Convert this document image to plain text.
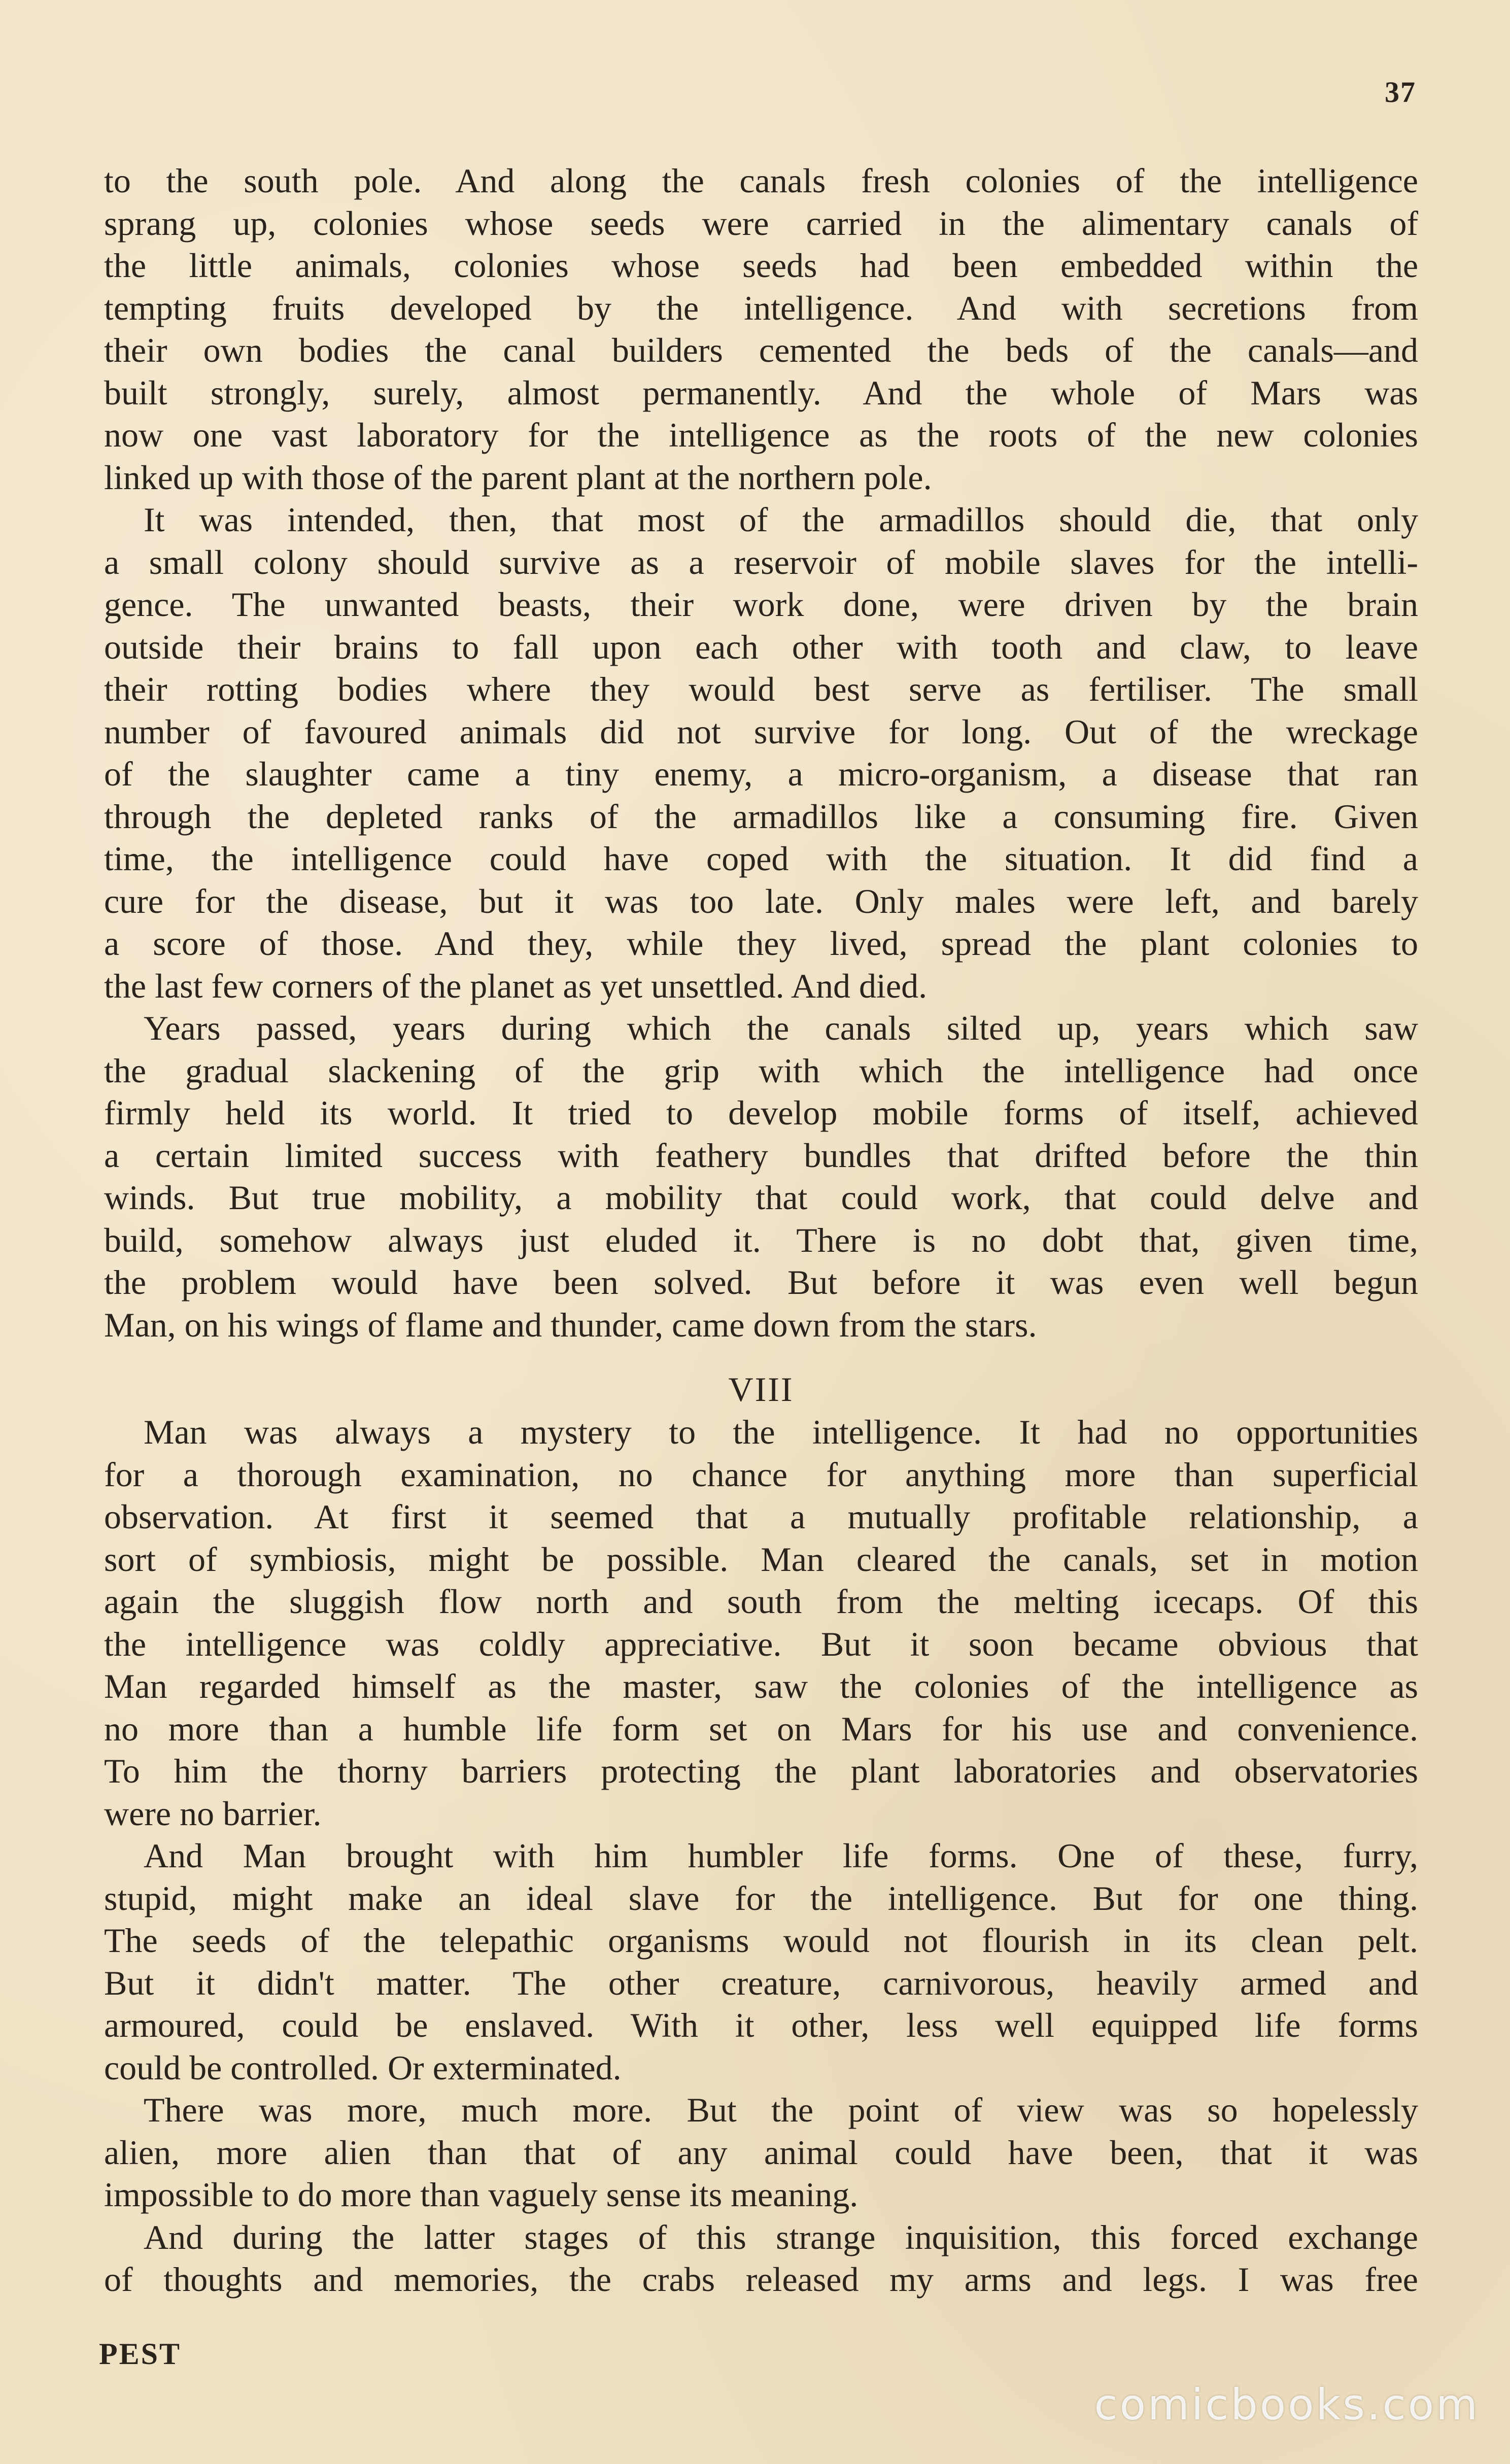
37
to the south pole. And along the canals fresh colonies of the intelligence
sprang up, colonies whose seeds were carried in the alimentary canals of
the little animals, colonies whose seeds had been embedded within the
tempting fruits developed by the intelligence. And with secretions from
their own bodies the canal builders cemented the beds of the canals—and
built strongly, surely, almost permanently. And the whole of Mars was
now one vast laboratory for the intelligence as the roots of the new colonies
linked up with those of the parent plant at the northern pole.
It was intended, then, that most of the armadillos should die, that only
a small colony should survive as a reservoir of mobile slaves for the intelli-
gence. The unwanted beasts, their work done, were driven by the brain
outside their brains to fall upon each other with tooth and claw, to leave
their rotting bodies where they would best serve as fertiliser. The small
number of favoured animals did not survive for long. Out of the wreckage
of the slaughter came a tiny enemy, a micro-organism, a disease that ran
through the depleted ranks of the armadillos like a consuming fire. Given
time, the intelligence could have coped with the situation. It did find a
cure for the disease, but it was too late. Only males were left, and barely
a score of those. And they, while they lived, spread the plant colonies to
the last few corners of the planet as yet unsettled. And died.
Years passed, years during which the canals silted up, years which saw
the gradual slackening of the grip with which the intelligence had once
firmly held its world. It tried to develop mobile forms of itself, achieved
a certain limited success with feathery bundles that drifted before the thin
winds. But true mobility, a mobility that could work, that could delve and
build, somehow always just eluded it. There is no dobt that, given time,
the problem would have been solved. But before it was even well begun
Man, on his wings of flame and thunder, came down from the stars.
VIII
Man was always a mystery to the intelligence. It had no opportunities
for a thorough examination, no chance for anything more than superficial
observation. At first it seemed that a mutually profitable relationship, a
sort of symbiosis, might be possible. Man cleared the canals, set in motion
again the sluggish flow north and south from the melting icecaps. Of this
the intelligence was coldly appreciative. But it soon became obvious that
Man regarded himself as the master, saw the colonies of the intelligence as
no more than a humble life form set on Mars for his use and convenience.
To him the thorny barriers protecting the plant laboratories and observatories
were no barrier.
And Man brought with him humbler life forms. One of these, furry,
stupid, might make an ideal slave for the intelligence. But for one thing.
The seeds of the telepathic organisms would not flourish in its clean pelt.
But it didn't matter. The other creature, carnivorous, heavily armed and
armoured, could be enslaved. With it other, less well equipped life forms
could be controlled. Or exterminated.
There was more, much more. But the point of view was so hopelessly
alien, more alien than that of any animal could have been, that it was
impossible to do more than vaguely sense its meaning.
And during the latter stages of this strange inquisition, this forced exchange
of thoughts and memories, the crabs released my arms and legs. I was free
PEST
comicbooks.com
